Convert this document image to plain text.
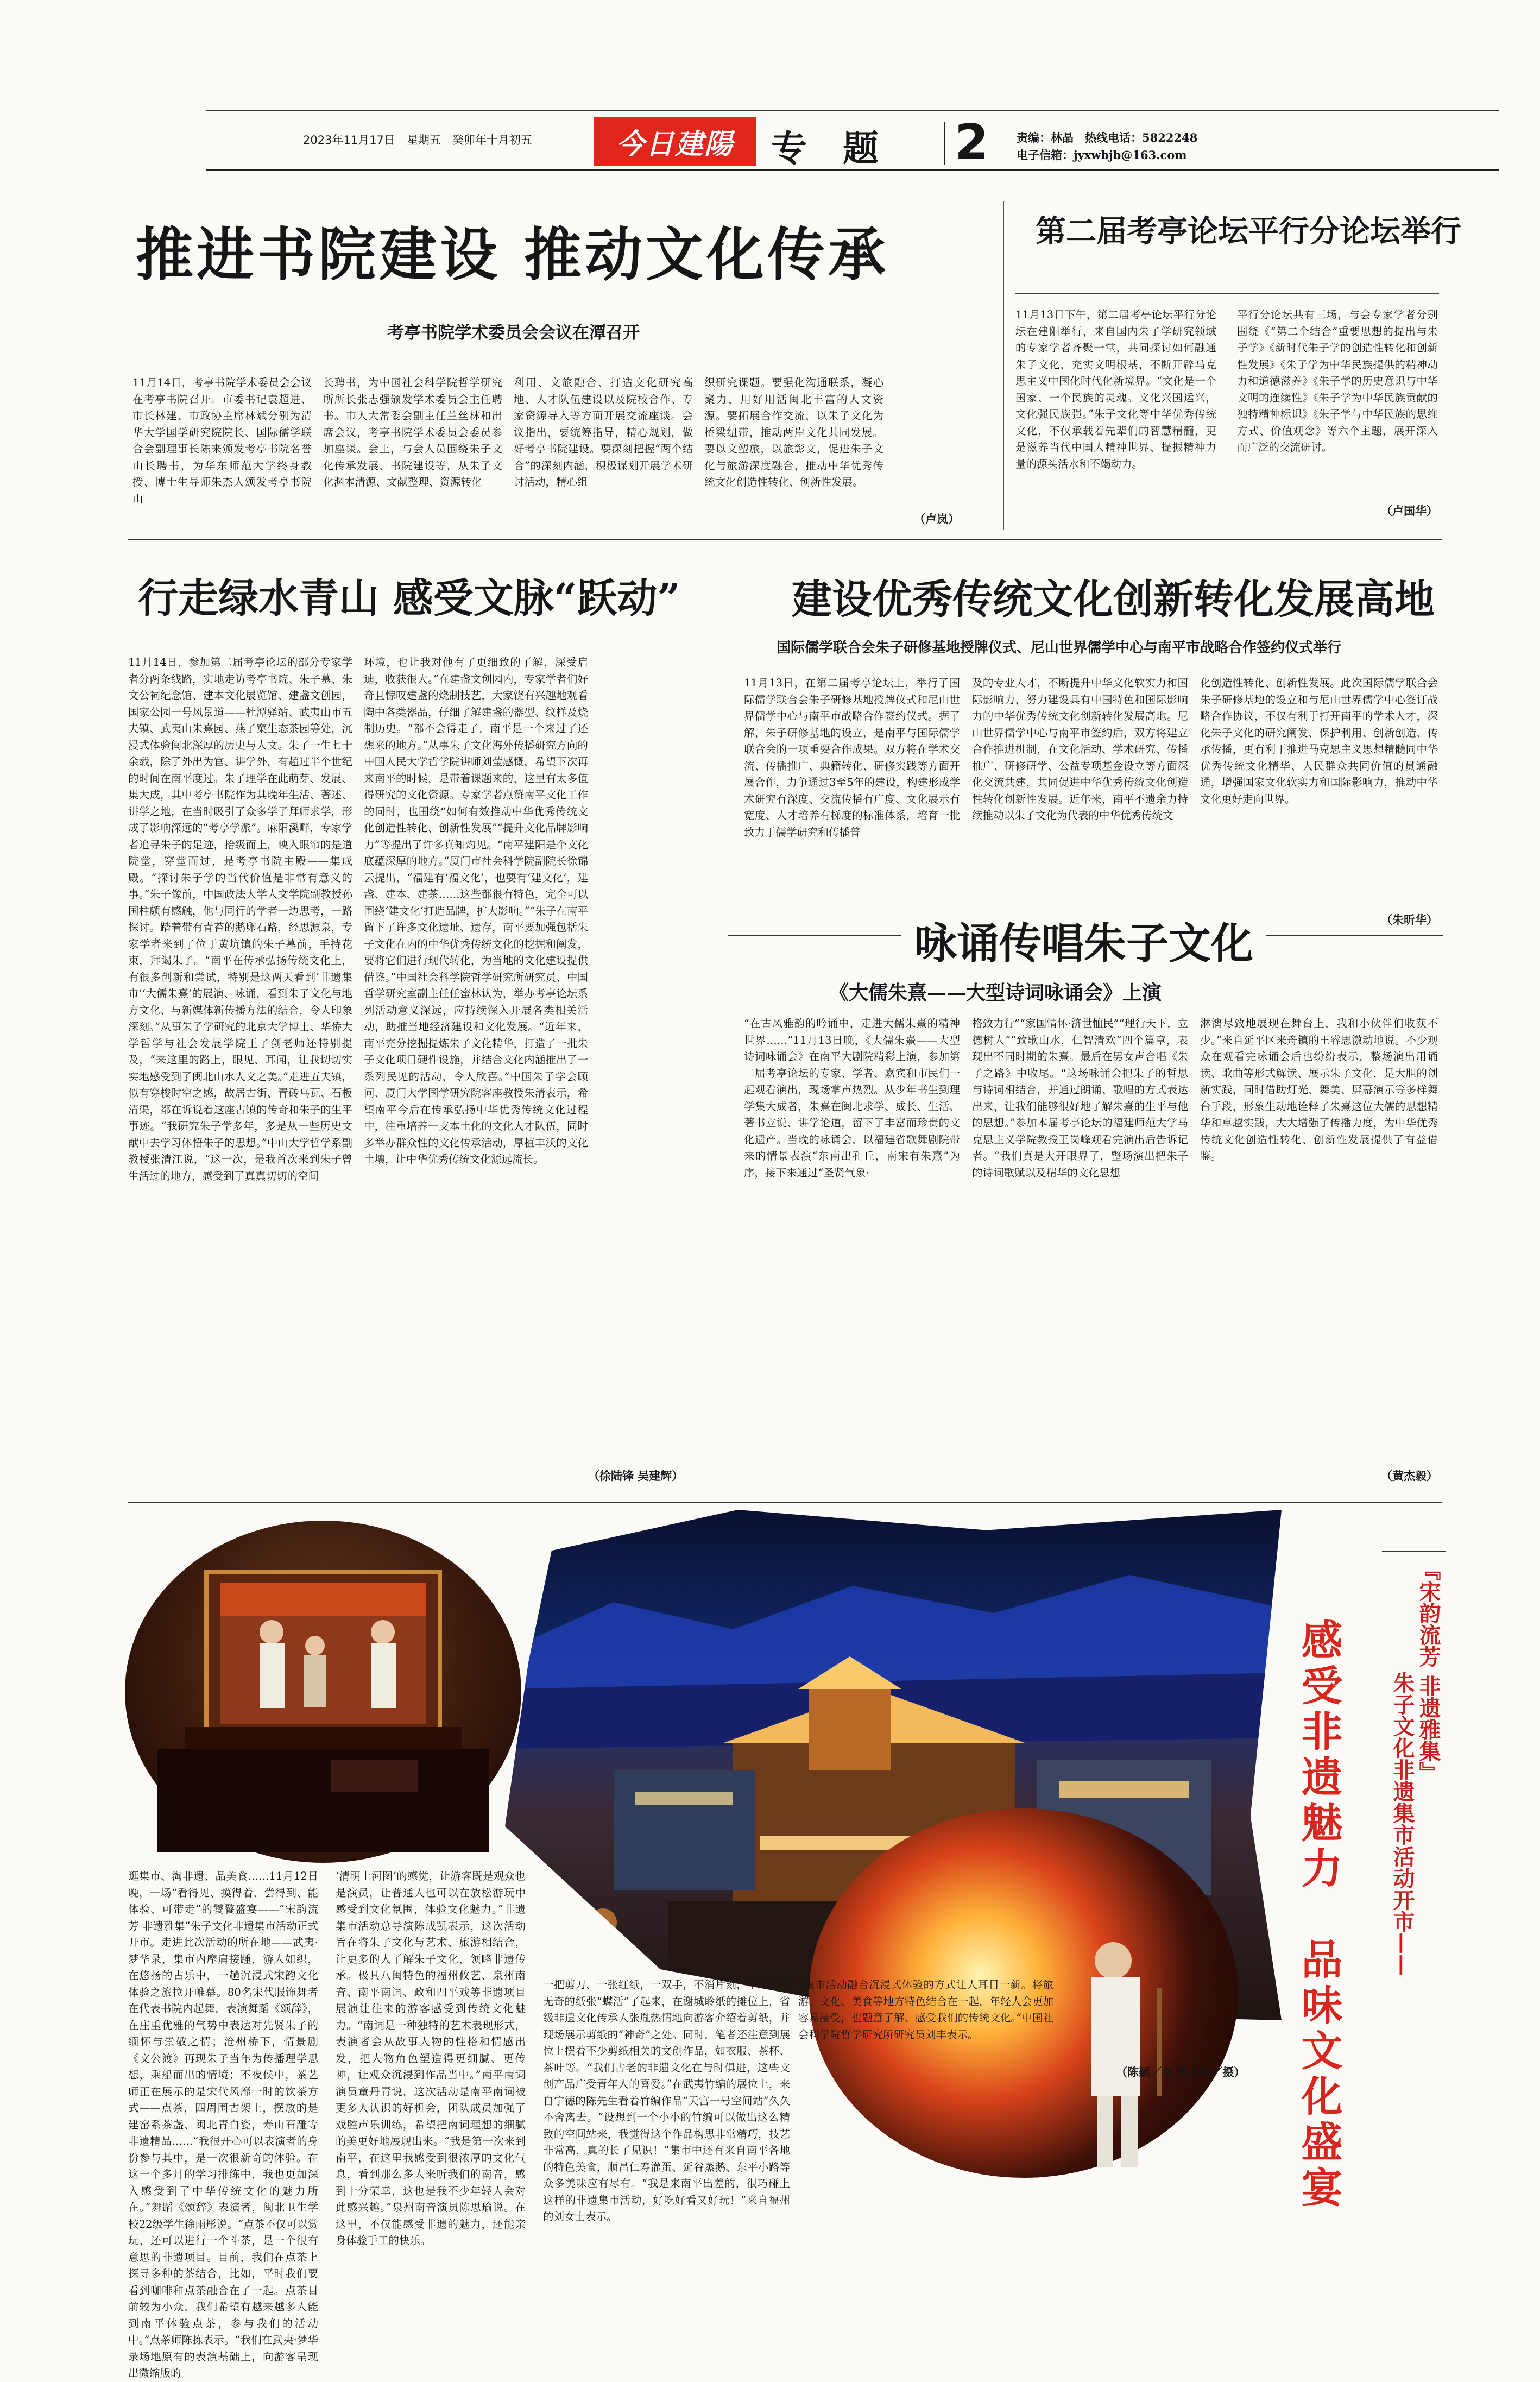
2023年11月17日　星期五　癸卯年十月初五	今日建陽 专　题 2 责编：林晶　热线电话：5822248
电子信箱：jyxwbjb@163.com
推进书院建设 推动文化传承
考亭书院学术委员会会议在潭召开
11月14日，考亭书院学术委员会会议在考亭书院召开。市委书记袁超进、市长林建、市政协主席林斌分别为清华大学国学研究院院长、国际儒学联合会副理事长陈来颁发考亭书院名誉山长聘书，为华东师范大学终身教授、博士生导师朱杰人颁发考亭书院山
长聘书，为中国社会科学院哲学研究所所长张志强颁发学术委员会主任聘书。市人大常委会副主任兰丝林和出席会议，考亭书院学术委员会委员参加座谈。会上，与会人员围绕朱子文化传承发展、书院建设等，从朱子文化渊本清源、文献整理、资源转化
利用、文旅融合、打造文化研究高地、人才队伍建设以及院校合作、专家资源导入等方面开展交流座谈。会议指出，要统筹指导，精心规划，做好考亭书院建设。要深刻把握“两个结合”的深刻内涵，积极谋划开展学术研讨活动，精心组
织研究课题。要强化沟通联系，凝心聚力，用好用活闽北丰富的人文资源。要拓展合作交流，以朱子文化为桥梁纽带，推动两岸文化共同发展。要以文塑旅，以旅彰文，促进朱子文化与旅游深度融合，推动中华优秀传统文化创造性转化、创新性发展。
（卢岚）
第二届考亭论坛平行分论坛举行
11月13日下午，第二届考亭论坛平行分论坛在建阳举行，来自国内朱子学研究领域的专家学者齐聚一堂，共同探讨如何融通朱子文化，充实文明根基，不断开辟马克思主义中国化时代化新境界。“文化是一个国家、一个民族的灵魂。文化兴国运兴，文化强民族强。”朱子文化等中华优秀传统文化，不仅承载着先辈们的智慧精髓，更是滋养当代中国人精神世界、提振精神力量的源头活水和不竭动力。
平行分论坛共有三场，与会专家学者分别围绕《“第二个结合”重要思想的提出与朱子学》《新时代朱子学的创造性转化和创新性发展》《朱子学为中华民族提供的精神动力和道德滋养》《朱子学的历史意识与中华文明的连续性》《朱子学为中华民族贡献的独特精神标识》《朱子学与中华民族的思维方式、价值观念》等六个主题，展开深入而广泛的交流研讨。
（卢国华）
行走绿水青山 感受文脉“跃动”
11月14日，参加第二届考亭论坛的部分专家学者分两条线路，实地走访考亭书院、朱子墓、朱文公祠纪念馆、建本文化展览馆、建盏文创园，国家公园一号风景道——杜潭驿站、武夷山市五夫镇、武夷山朱熹园、燕子窠生态茶园等处，沉浸式体验闽北深厚的历史与人文。朱子一生七十余载，除了外出为官、讲学外，有超过半个世纪的时间在南平度过。朱子理学在此萌芽、发展、集大成，其中考亭书院作为其晚年生活、著述、讲学之地，在当时吸引了众多学子拜师求学，形成了影响深远的“考亭学派”。麻阳溪畔，专家学者追寻朱子的足迹，拾级而上，映入眼帘的是道院堂，穿堂而过，是考亭书院主殿——集成殿。“探讨朱子学的当代价值是非常有意义的事。”朱子像前，中国政法大学人文学院副教授孙国柱颇有感触，他与同行的学者一边思考，一路探讨。踏着带有青苔的鹅卵石路，经思源泉，专家学者来到了位于黄坑镇的朱子墓前，手持花束，拜谒朱子。“南平在传承弘扬传统文化上，有很多创新和尝试，特别是这两天看到‘非遗集市’‘大儒朱熹’的展演、咏诵，看到朱子文化与地方文化、与新媒体新传播方法的结合，令人印象深刻。”从事朱子学研究的北京大学博士、华侨大学哲学与社会发展学院王子剑老师还特别提及，“来这里的路上，眼见、耳闻，让我切切实实地感受到了闽北山水人文之美。”走进五夫镇，似有穿梭时空之感，故居古街、青砖乌瓦、石板清渠，都在诉说着这座古镇的传奇和朱子的生平事迹。“我研究朱子学多年，多是从一些历史文献中去学习体悟朱子的思想。”中山大学哲学系副教授张清江说，“这一次，是我首次来到朱子曾生活过的地方，感受到了真真切切的空间
环境，也让我对他有了更细致的了解，深受启迪，收获很大。”在建盏文创园内，专家学者们好奇且惊叹建盏的烧制技艺，大家饶有兴趣地观看陶中各类器品，仔细了解建盏的器型、纹样及烧制历史。“都不会得走了，南平是一个来过了还想来的地方。”从事朱子文化海外传播研究方向的中国人民大学哲学院讲师刘莹感慨，希望下次再来南平的时候，是带着课题来的，这里有太多值得研究的文化资源。专家学者点赞南平文化工作的同时，也围绕“如何有效推动中华优秀传统文化创造性转化、创新性发展”“提升文化品牌影响力”等提出了许多真知灼见。“南平建阳是个文化底蕴深厚的地方。”厦门市社会科学院副院长徐锦云提出，“福建有‘福文化’，也要有‘建文化’，建盏、建本、建茶……这些都很有特色，完全可以围绕‘建文化’打造品牌，扩大影响。”“朱子在南平留下了许多文化遗址、遗存，南平要加强包括朱子文化在内的中华优秀传统文化的挖掘和阐发，要将它们进行现代转化，为当地的文化建设提供借鉴。”中国社会科学院哲学研究所研究员、中国哲学研究室副主任任蜜林认为，举办考亭论坛系列活动意义深远，应持续深入开展各类相关活动，助推当地经济建设和文化发展。“近年来，南平充分挖掘提炼朱子文化精华，打造了一批朱子文化项目硬件设施，并结合文化内涵推出了一系列民见的活动，令人欣喜。”中国朱子学会顾问、厦门大学国学研究院客座教授朱清表示，希望南平今后在传承弘扬中华优秀传统文化过程中，注重培养一支本土化的文化人才队伍，同时多举办群众性的文化传承活动，厚植丰沃的文化土壤，让中华优秀传统文化源远流长。
（徐陆锋 吴建辉）
建设优秀传统文化创新转化发展高地
国际儒学联合会朱子研修基地授牌仪式、尼山世界儒学中心与南平市战略合作签约仪式举行
11月13日，在第二届考亭论坛上，举行了国际儒学联合会朱子研修基地授牌仪式和尼山世界儒学中心与南平市战略合作签约仪式。据了解，朱子研修基地的设立，是南平与国际儒学联合会的一项重要合作成果。双方将在学术交流、传播推广、典籍转化、研修实践等方面开展合作，力争通过3至5年的建设，构建形成学术研究有深度、交流传播有广度、文化展示有宽度、人才培养有梯度的标准体系，培育一批致力于儒学研究和传播普
及的专业人才，不断提升中华文化软实力和国际影响力，努力建设具有中国特色和国际影响力的中华优秀传统文化创新转化发展高地。尼山世界儒学中心与南平市签约后，双方将建立合作推进机制，在文化活动、学术研究、传播推广、研修研学、公益专项基金设立等方面深化交流共建，共同促进中华优秀传统文化创造性转化创新性发展。近年来，南平不遗余力持续推动以朱子文化为代表的中华优秀传统文
化创造性转化、创新性发展。此次国际儒学联合会朱子研修基地的设立和与尼山世界儒学中心签订战略合作协议，不仅有利于打开南平的学术人才，深化朱子文化的研究阐发、保护利用、创新创造、传承传播，更有利于推进马克思主义思想精髓同中华优秀传统文化精华、人民群众共同价值的贯通融通，增强国家文化软实力和国际影响力，推动中华文化更好走向世界。
（朱昕华）
咏诵传唱朱子文化
《大儒朱熹——大型诗词咏诵会》上演
“在古风雅韵的吟诵中，走进大儒朱熹的精神世界……”11月13日晚，《大儒朱熹——大型诗词咏诵会》在南平大剧院精彩上演，参加第二届考亭论坛的专家、学者、嘉宾和市民们一起观看演出，现场掌声热烈。从少年书生到理学集大成者，朱熹在闽北求学、成长、生活、著书立说、讲学论道，留下了丰富而珍贵的文化遗产。当晚的咏诵会，以福建省歌舞剧院带来的情景表演“东南出孔丘，南宋有朱熹”为序，接下来通过“圣贤气象·
格致力行”“家国情怀·济世恤民”“理行天下，立德树人”“致歌山水，仁智清欢”四个篇章，表现出不同时期的朱熹。最后在男女声合唱《朱子之路》中收尾。“这场咏诵会把朱子的哲思与诗词相结合，并通过朗诵、歌唱的方式表达出来，让我们能够很好地了解朱熹的生平与他的思想。”参加本届考亭论坛的福建师范大学马克思主义学院教授王岗峰观看完演出后告诉记者。“我们真是大开眼界了，整场演出把朱子的诗词歌赋以及精华的文化思想
淋漓尽致地展现在舞台上，我和小伙伴们收获不少。”来自延平区来舟镇的王睿思激动地说。不少观众在观看完咏诵会后也纷纷表示，整场演出用诵读、歌曲等形式解读、展示朱子文化，是大胆的创新实践，同时借助灯光、舞美、屏幕演示等多样舞台手段，形象生动地诠释了朱熹这位大儒的思想精华和卓越实践，大大增强了传播力度，为中华优秀传统文化创造性转化、创新性发展提供了有益借鉴。
（黄杰毅）
『宋韵流芳 非遗雅集』
朱子文化非遗集市活动开市——
感受非遗魅力　品味文化盛宴
逛集市、淘非遗、品美食……11月12日晚，一场“看得见、摸得着、尝得到、能体验、可带走”的饕餮盛宴——“宋韵流芳 非遗雅集”朱子文化非遗集市活动正式开市。走进此次活动的所在地——武夷·梦华录，集市内摩肩接踵，游人如织，在悠扬的古乐中，一趟沉浸式宋韵文化体验之旅拉开帷幕。80名宋代服饰舞者在代表书院内起舞，表演舞蹈《颂辞》，在庄重优雅的气势中表达对先贤朱子的缅怀与崇敬之情；沧州桥下，情景剧《文公渡》再现朱子当年为传播理学思想，乘船而出的情境；不夜侯中，茶艺师正在展示的是宋代风靡一时的饮茶方式——点茶，四周围古架上，摆放的是建窑系茶盏、闽北青白瓷，寿山石雕等非遗精品……“我很开心可以表演者的身份参与其中，是一次很新奇的体验。在这一个多月的学习排练中，我也更加深入感受到了中华传统文化的魅力所在。”舞蹈《颂辞》表演者，闽北卫生学校22级学生徐雨彤说。“点茶不仅可以赏玩，还可以进行一个斗茶，是一个很有意思的非遗项目。目前，我们在点茶上探寻多种的茶结合，比如，平时我们要看到咖啡和点茶融合在了一起。点茶目前较为小众，我们希望有越来越多人能到南平体验点茶，参与我们的活动中。”点茶师陈拣表示。“我们在武夷·梦华录场地原有的表演基础上，向游客呈现出微缩版的
‘清明上河图’的感觉，让游客既是观众也是演员，让普通人也可以在放松游玩中感受到文化氛围，体验文化魅力。”非遗集市活动总导演陈成凯表示，这次活动旨在将朱子文化与艺术、旅游相结合，让更多的人了解朱子文化，领略非遗传承。极具八闽特色的福州攸艺、泉州南音、南平南词、政和四平戏等非遗项目展演让往来的游客感受到传统文化魅力。“南词是一种独特的艺术表现形式，表演者会从故事人物的性格和情感出发，把人物角色塑造得更细腻、更传神，让观众沉浸到作品当中。”南平南词演员童丹青说，这次活动是南平南词被更多人认识的好机会，团队成员加强了戏腔声乐训练，希望把南词理想的细腻的美更好地展现出来。“我是第一次来到南平，在这里我感受到很浓厚的文化气息，看到那么多人来听我们的南音，感到十分荣幸，这也是我不少年轻人会对此感兴趣。”泉州南音演员陈思瑜说。在这里，不仅能感受非遗的魅力，还能亲身体验手工的快乐。
一把剪刀、一张红纸，一双手，不消片刻，本来平平无奇的纸张“蝶活”了起来，在谢城聆纸的摊位上，省级非遗文化传承人张胤热情地向游客介绍着剪纸，并现场展示剪纸的“神奇”之处。同时，笔者还注意到展位上摆着不少剪纸相关的文创作品，如衣服、茶杯、茶叶等。“我们古老的非遗文化在与时俱进，这些文创产品广受青年人的喜爱。”在武夷竹编的展位上，来自宁德的陈先生看着竹编作品“天宫一号空间站”久久不舍离去。“设想到一个小小的竹编可以做出这么精致的空间站来，我觉得这个作品构思非常精巧，技艺非常高，真的长了见识！”集市中还有来自南平各地的特色美食，顺昌仁寿灌蛋、延谷蒸鹅、东平小路等众多美味应有尽有。“我是来南平出差的，很巧碰上这样的非遗集市活动，好吃好看又好玩！”来自福州的刘女士表示。
“集市活动融合沉浸式体验的方式让人耳目一新。将旅游、文化、美食等地方特色结合在一起，年轻人会更加容易接受，也题意了解、感受我们的传统文化。”中国社会科学院哲学研究所研究员刘丰表示。
（陈颖／文 吴大均／摄）
